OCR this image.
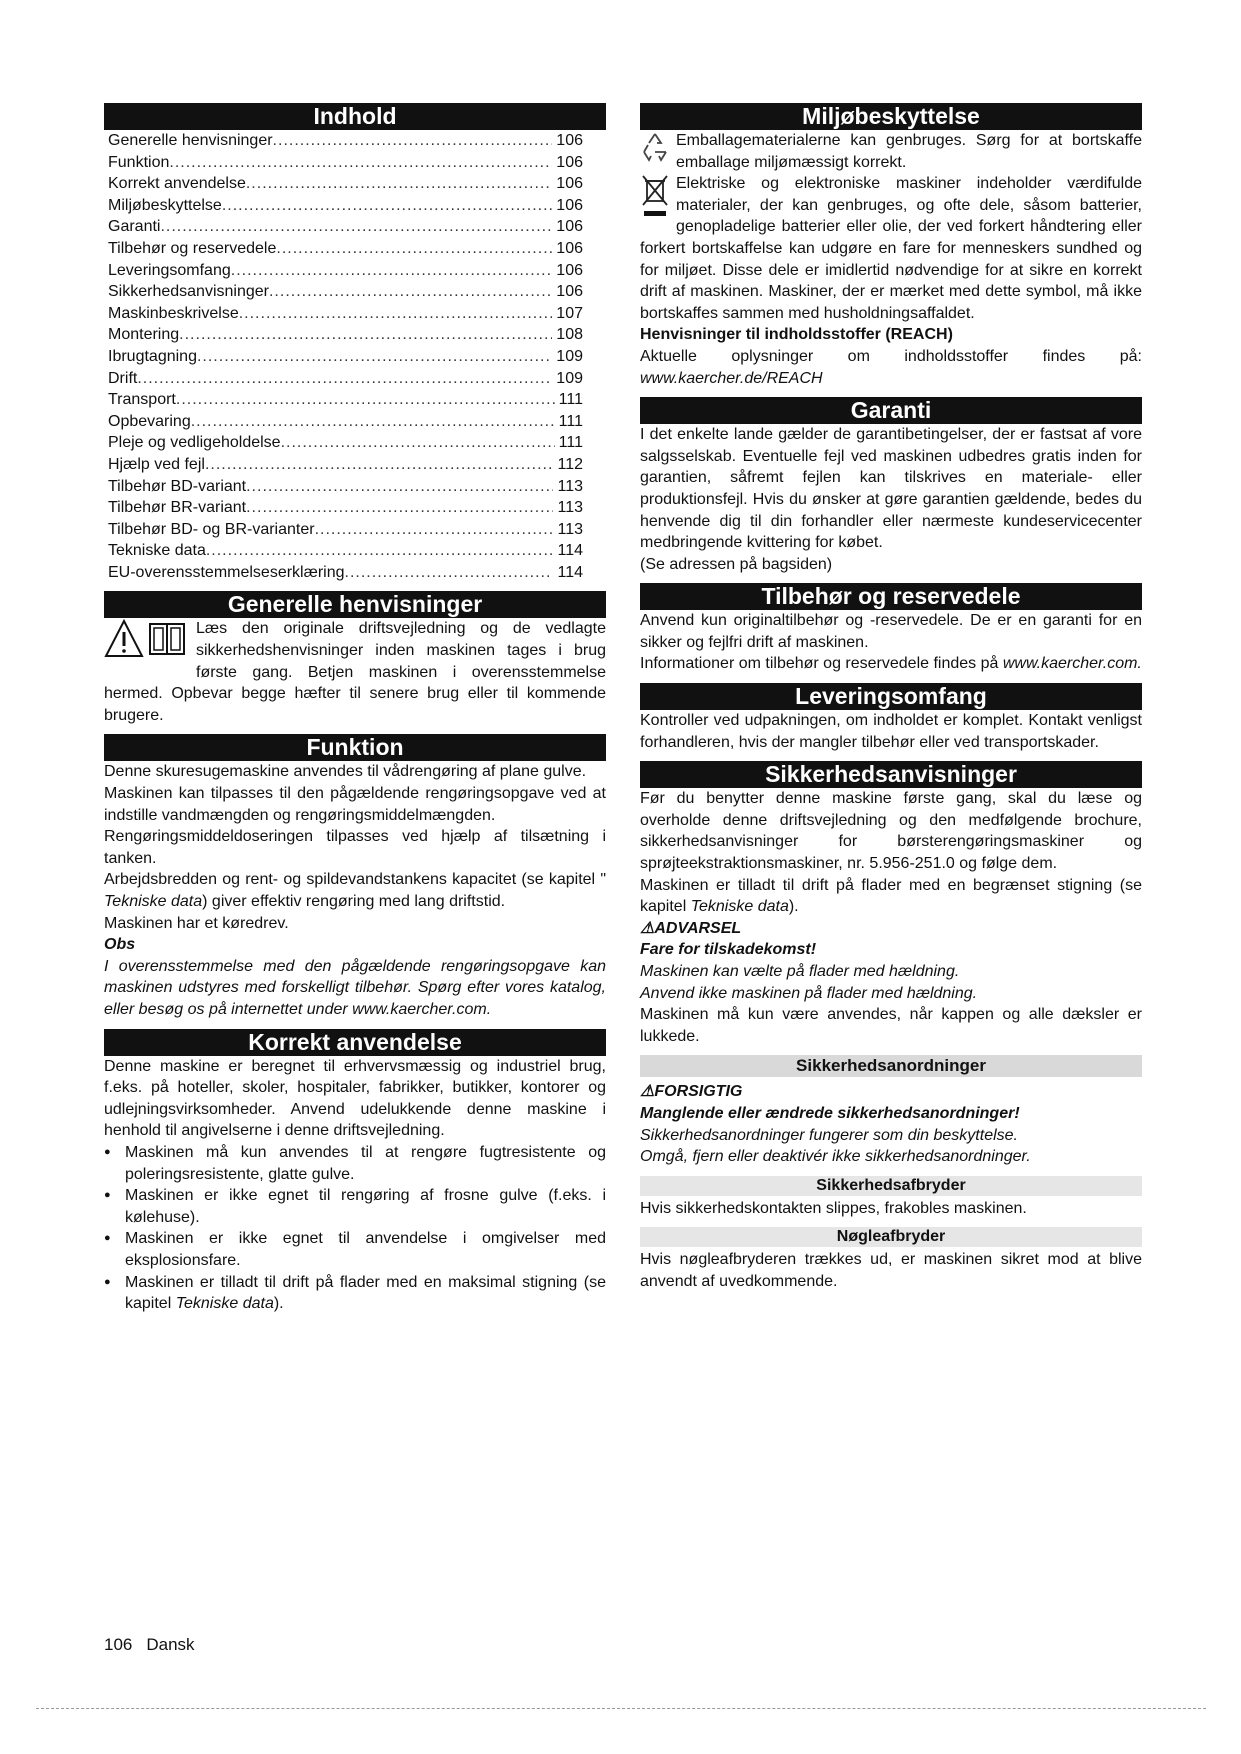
Indhold
Generelle henvisninger .....	106
Funktion .....	106
Korrekt anvendelse .....	106
Miljøbeskyttelse .....	106
Garanti .....	106
Tilbehør og reservedele .....	106
Leveringsomfang .....	106
Sikkerhedsanvisninger .....	106
Maskinbeskrivelse .....	107
Montering .....	108
Ibrugtagning .....	109
Drift .....	109
Transport .....	111
Opbevaring .....	111
Pleje og vedligeholdelse .....	111
Hjælp ved fejl .....	112
Tilbehør BD-variant .....	113
Tilbehør BR-variant .....	113
Tilbehør BD- og BR-varianter .....	113
Tekniske data .....	114
EU-overensstemmelseserklæring .....	114
Generelle henvisninger

Læs den originale driftsvejledning og de vedlagte sikkerhedshenvisninger inden maskinen tages i brug første gang. Betjen maskinen i overensstemmelse hermed. Opbevar begge hæfter til senere brug eller til kommende brugere.

Funktion

Denne skuresugemaskine anvendes til vådrengøring af plane gulve.

Maskinen kan tilpasses til den pågældende rengøringsopgave ved at indstille vandmængden og rengøringsmiddelmængden.

Rengøringsmiddeldoseringen tilpasses ved hjælp af tilsætning i tanken.

Arbejdsbredden og rent- og spildevandstankens kapacitet (se kapitel " Tekniske data) giver effektiv rengøring med lang driftstid.

Maskinen har et køredrev.

Obs

I overensstemmelse med den pågældende rengøringsopgave kan maskinen udstyres med forskelligt tilbehør. Spørg efter vores katalog, eller besøg os på internettet under www.kaercher.com.

Korrekt anvendelse

Denne maskine er beregnet til erhvervsmæssig og industriel brug, f.eks. på hoteller, skoler, hospitaler, fabrikker, butikker, kontorer og udlejningsvirksomheder. Anvend udelukkende denne maskine i henhold til angivelserne i denne driftsvejledning.

● Maskinen må kun anvendes til at rengøre fugtresistente og poleringsresistente, glatte gulve.
● Maskinen er ikke egnet til rengøring af frosne gulve (f.eks. i kølehuse).
● Maskinen er ikke egnet til anvendelse i omgivelser med eksplosionsfare.
● Maskinen er tilladt til drift på flader med en maksimal stigning (se kapitel Tekniske data).
Miljøbeskyttelse

Emballagematerialerne kan genbruges. Sørg for at bortskaffe emballage miljømæssigt korrekt.

Elektriske og elektroniske maskiner indeholder værdifulde materialer, der kan genbruges, og ofte dele, såsom batterier, genopladelige batterier eller olie, der ved forkert håndtering eller forkert bortskaffelse kan udgøre en fare for menneskers sundhed og for miljøet. Disse dele er imidlertid nødvendige for at sikre en korrekt drift af maskinen. Maskiner, der er mærket med dette symbol, må ikke bortskaffes sammen med husholdningsaffaldet.

Henvisninger til indholdsstoffer (REACH)

Aktuelle oplysninger om indholdsstoffer findes på: www.kaercher.de/REACH

Garanti

I det enkelte lande gælder de garantibetingelser, der er fastsat af vore salgsselskab. Eventuelle fejl ved maskinen udbedres gratis inden for garantien, såfremt fejlen kan tilskrives en materiale- eller produktionsfejl. Hvis du ønsker at gøre garantien gældende, bedes du henvende dig til din forhandler eller nærmeste kundeservicecenter medbringende kvittering for købet.

(Se adressen på bagsiden)

Tilbehør og reservedele

Anvend kun originaltilbehør og -reservedele. De er en garanti for en sikker og fejlfri drift af maskinen.

Informationer om tilbehør og reservedele findes på www.kaercher.com.

Leveringsomfang

Kontroller ved udpakningen, om indholdet er komplet. Kontakt venligst forhandleren, hvis der mangler tilbehør eller ved transportskader.

Sikkerhedsanvisninger

Før du benytter denne maskine første gang, skal du læse og overholde denne driftsvejledning og den medfølgende brochure, sikkerhedsanvisninger for børsterengøringsmaskiner og sprøjteekstraktionsmaskiner, nr. 5.956-251.0 og følge dem.

Maskinen er tilladt til drift på flader med en begrænset stigning (se kapitel Tekniske data).

⚠ADVARSEL

Fare for tilskadekomst!

Maskinen kan vælte på flader med hældning.

Anvend ikke maskinen på flader med hældning.

Maskinen må kun være anvendes, når kappen og alle dæksler er lukkede.

Sikkerhedsanordninger

⚠FORSIGTIG

Manglende eller ændrede sikkerhedsanordninger!

Sikkerhedsanordninger fungerer som din beskyttelse.

Omgå, fjern eller deaktivér ikke sikkerhedsanordninger.

Sikkerhedsafbryder

Hvis sikkerhedskontakten slippes, frakobles maskinen.

Nøgleafbryder

Hvis nøgleafbryderen trækkes ud, er maskinen sikret mod at blive anvendt af uvedkommende.

106 Dansk
